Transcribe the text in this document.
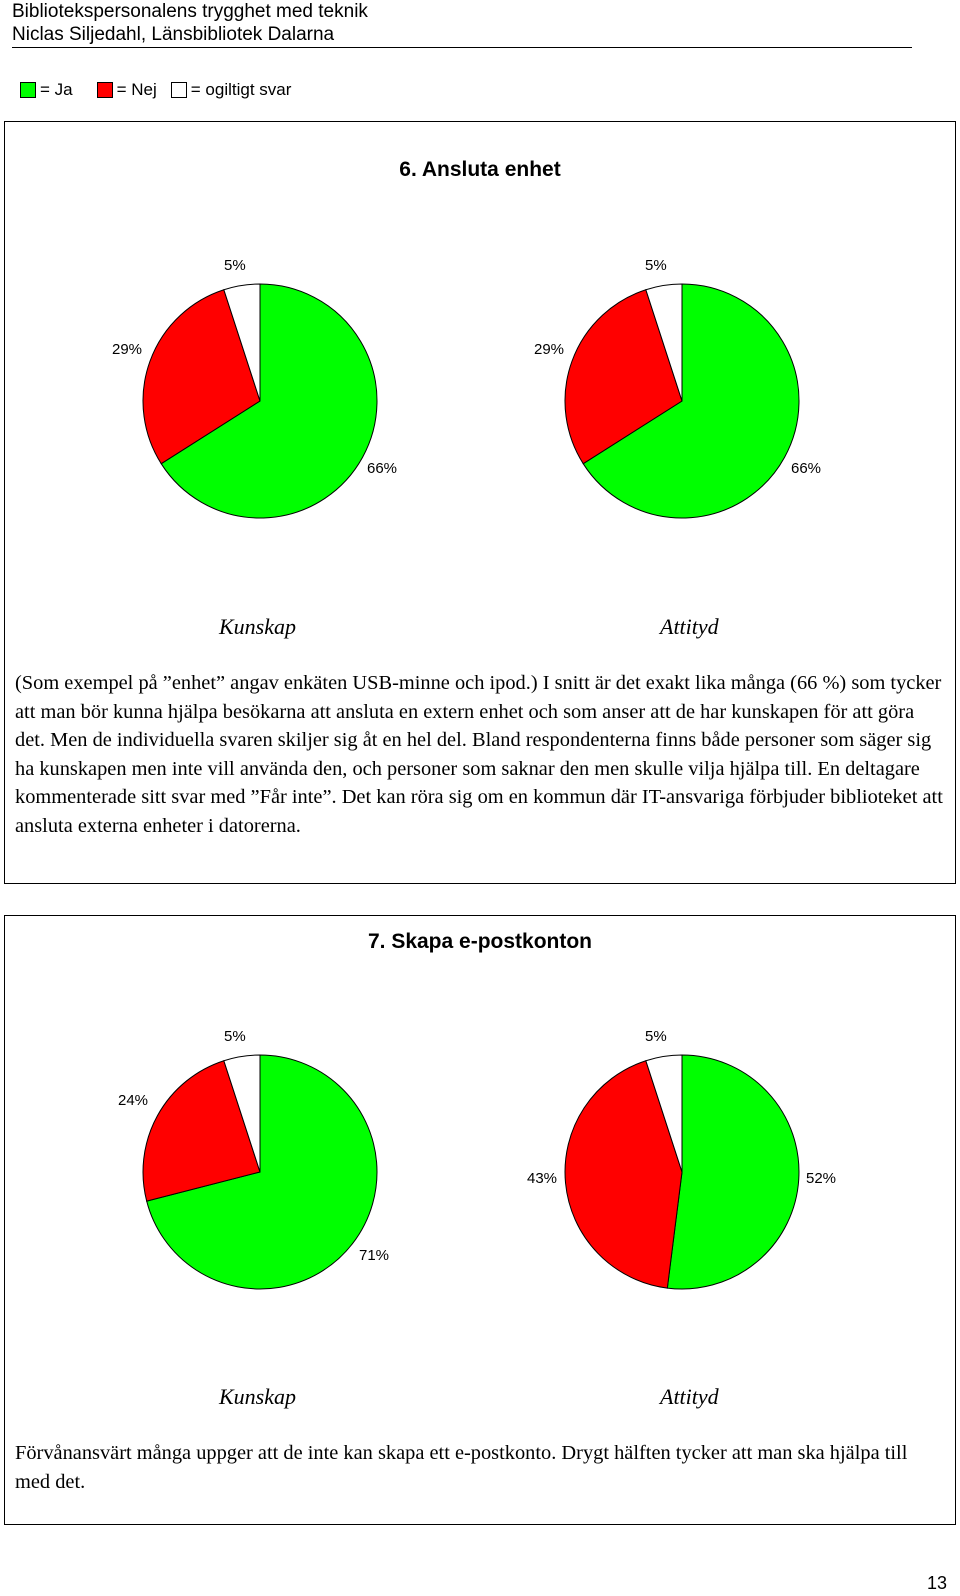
Bibliotekspersonalens trygghet med teknik
Niclas Siljedahl, Länsbibliotek Dalarna
= Ja	= Nej = ogiltigt svar
6. Ansluta enhet
5%
29%
66%
5%
29%
66%
Kunskap	Attityd
(Som exempel på ”enhet” angav enkäten USB-minne och ipod.) I snitt är det exakt lika många (66 %) som tycker att man bör kunna hjälpa besökarna att ansluta en extern enhet och som anser att de har kunskapen för att göra det. Men de individuella svaren skiljer sig åt en hel del. Bland respondenterna finns både personer som säger sig ha kunskapen men inte vill använda den, och personer som saknar den men skulle vilja hjälpa till. En deltagare kommenterade sitt svar med ”Får inte”. Det kan röra sig om en kommun där IT-ansvariga förbjuder biblioteket att ansluta externa enheter i datorerna.
7. Skapa e-postkonton
5%
24%
71%
5%
43%	52%
Kunskap	Attityd
Förvånansvärt många uppger att de inte kan skapa ett e-postkonto. Drygt hälften tycker att man ska hjälpa till med det.
13
